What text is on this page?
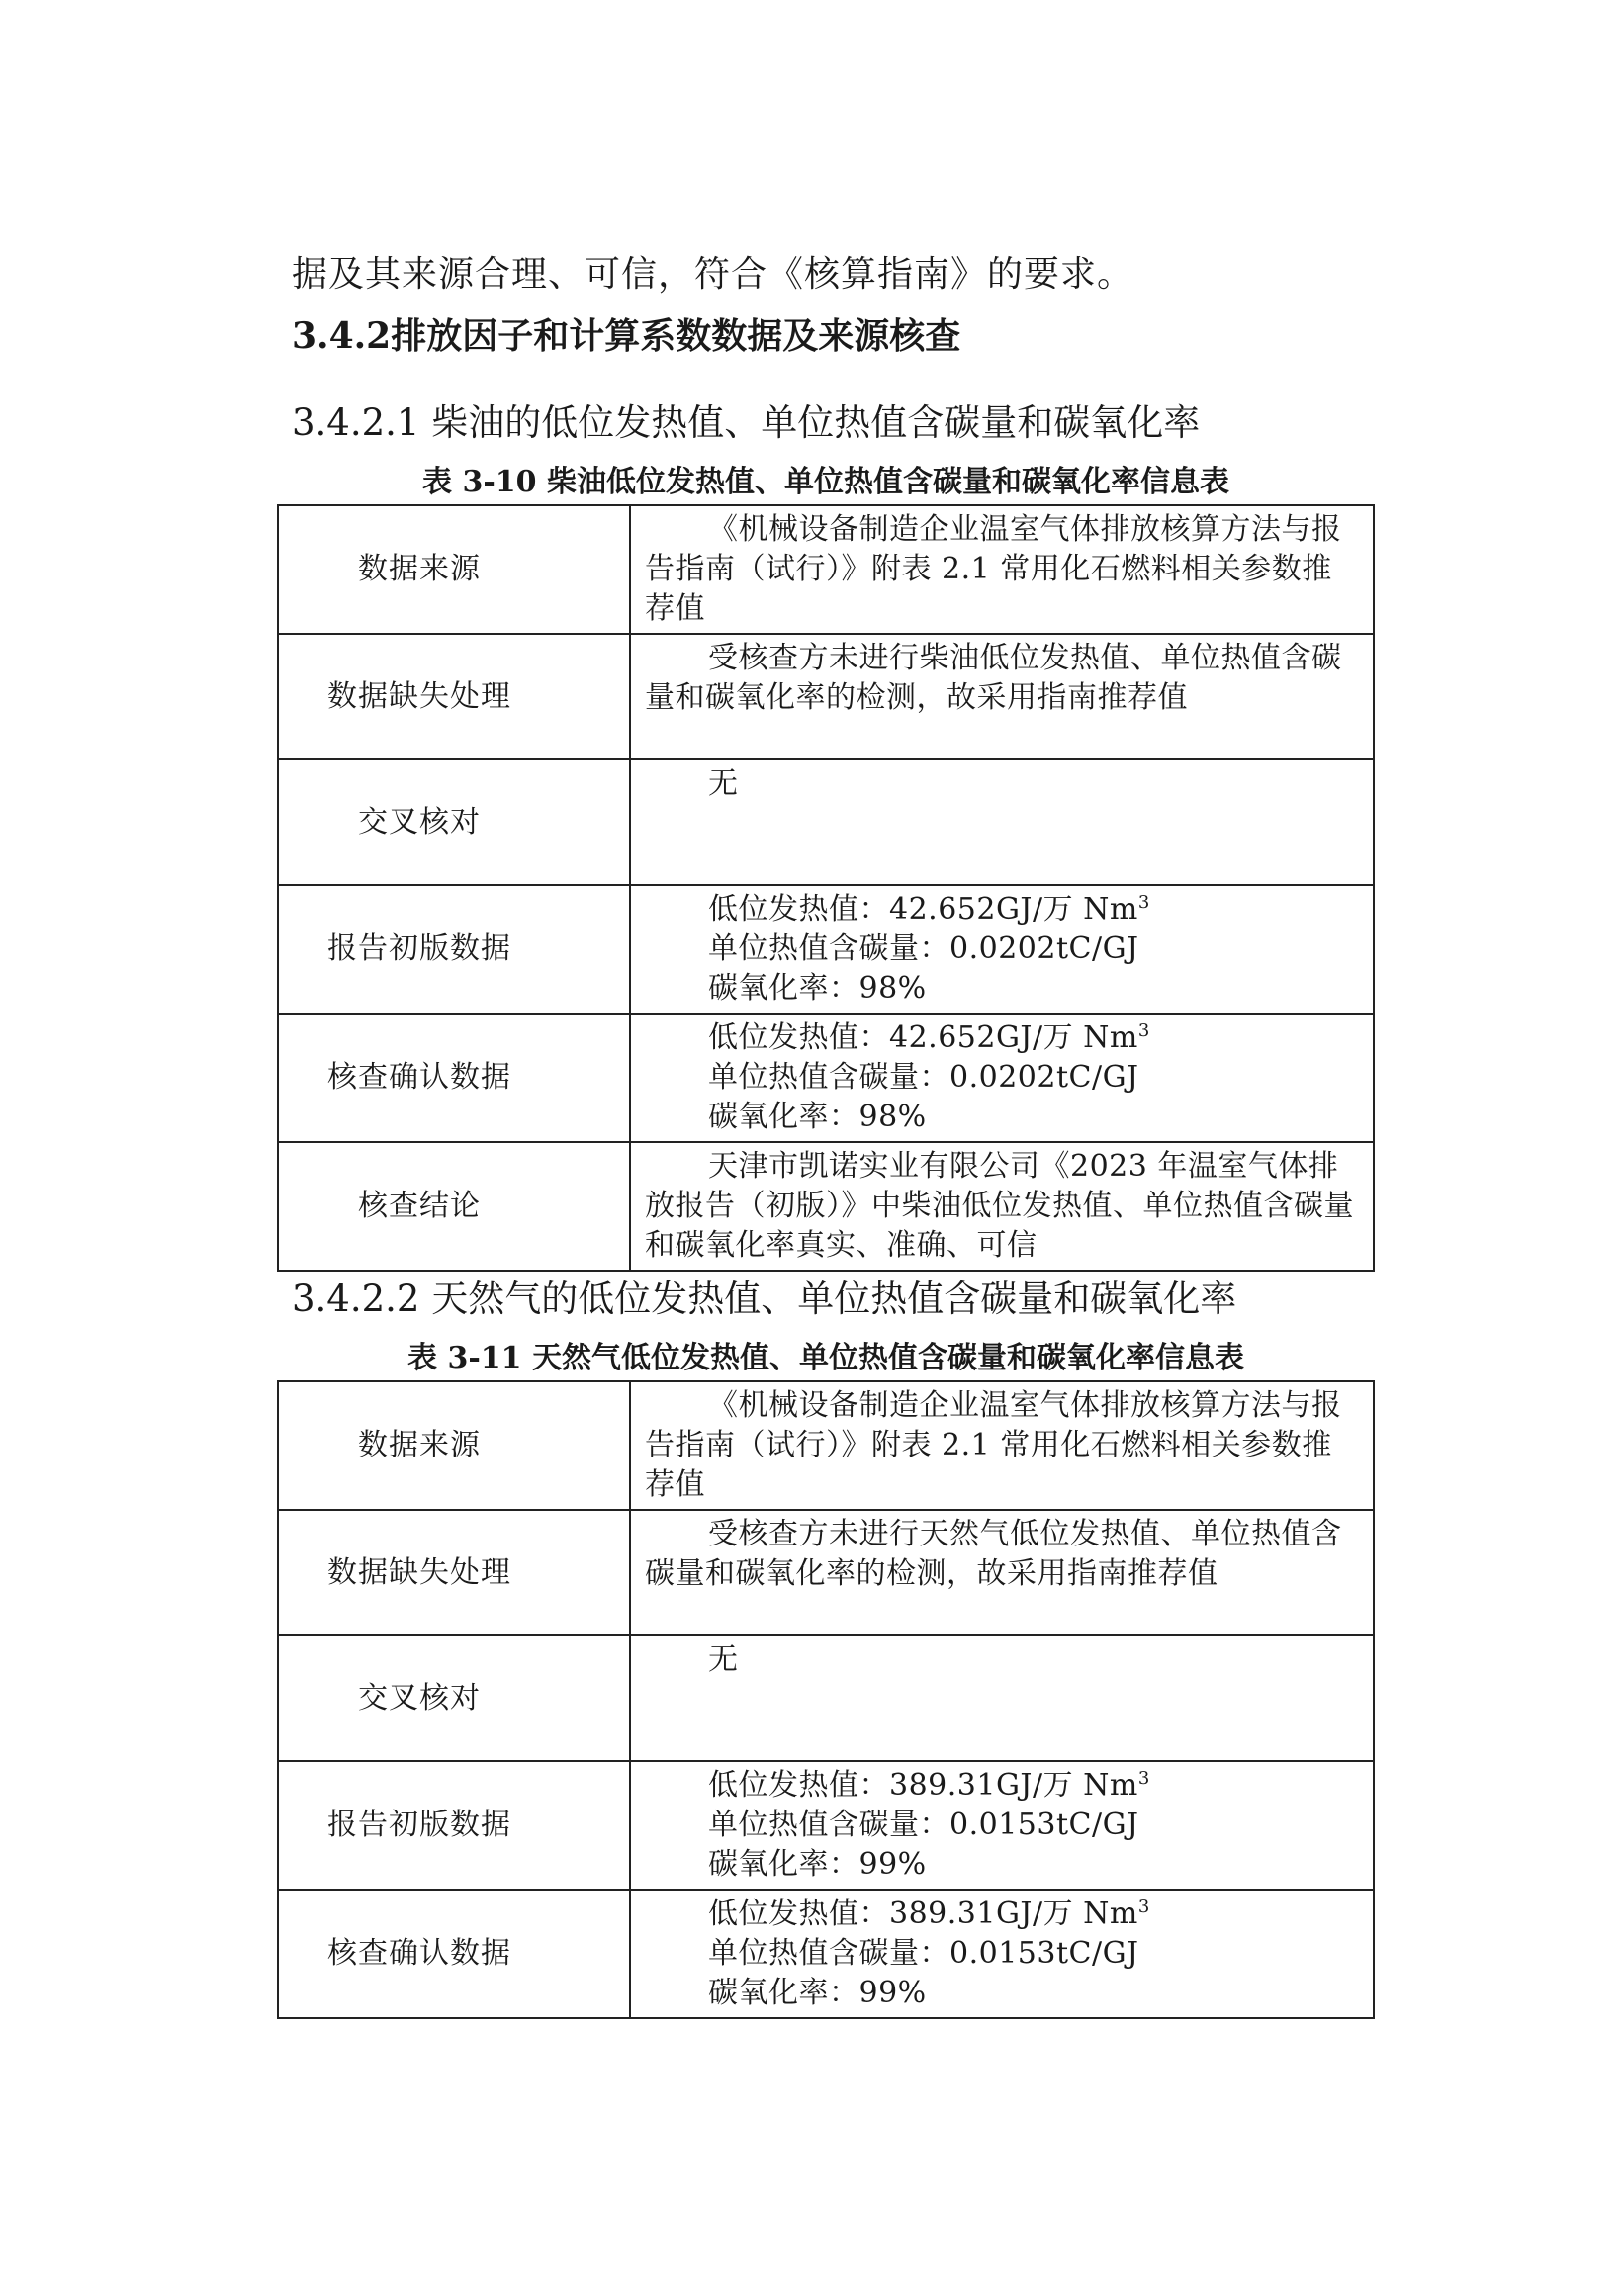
据及其来源合理、可信，符合《核算指南》的要求。
3.4.2排放因子和计算系数数据及来源核查
3.4.2.1 柴油的低位发热值、单位热值含碳量和碳氧化率
表 3-10 柴油低位发热值、单位热值含碳量和碳氧化率信息表
数据来源	《机械设备制造企业温室气体排放核算方法与报告指南（试行）》附表 2.1 常用化石燃料相关参数推荐值

数据缺失处理	受核查方未进行柴油低位发热值、单位热值含碳量和碳氧化率的检测，故采用指南推荐值

交叉核对	无

报告初版数据	低位发热值：42.652GJ/万 Nm$^3$
单位热值含碳量：0.0202tC/GJ
碳氧化率：98%

核查确认数据	低位发热值：42.652GJ/万 Nm$^3$
单位热值含碳量：0.0202tC/GJ
碳氧化率：98%

核查结论	天津市凯诺实业有限公司《2023 年温室气体排放报告（初版）》中柴油低位发热值、单位热值含碳量和碳氧化率真实、准确、可信
3.4.2.2 天然气的低位发热值、单位热值含碳量和碳氧化率
表 3-11 天然气低位发热值、单位热值含碳量和碳氧化率信息表
数据来源	《机械设备制造企业温室气体排放核算方法与报告指南（试行）》附表 2.1 常用化石燃料相关参数推荐值

数据缺失处理	受核查方未进行天然气低位发热值、单位热值含碳量和碳氧化率的检测，故采用指南推荐值

交叉核对	无

报告初版数据	低位发热值：389.31GJ/万 Nm$^3$
单位热值含碳量：0.0153tC/GJ
碳氧化率：99%

核查确认数据	低位发热值：389.31GJ/万 Nm$^3$
单位热值含碳量：0.0153tC/GJ
碳氧化率：99%
